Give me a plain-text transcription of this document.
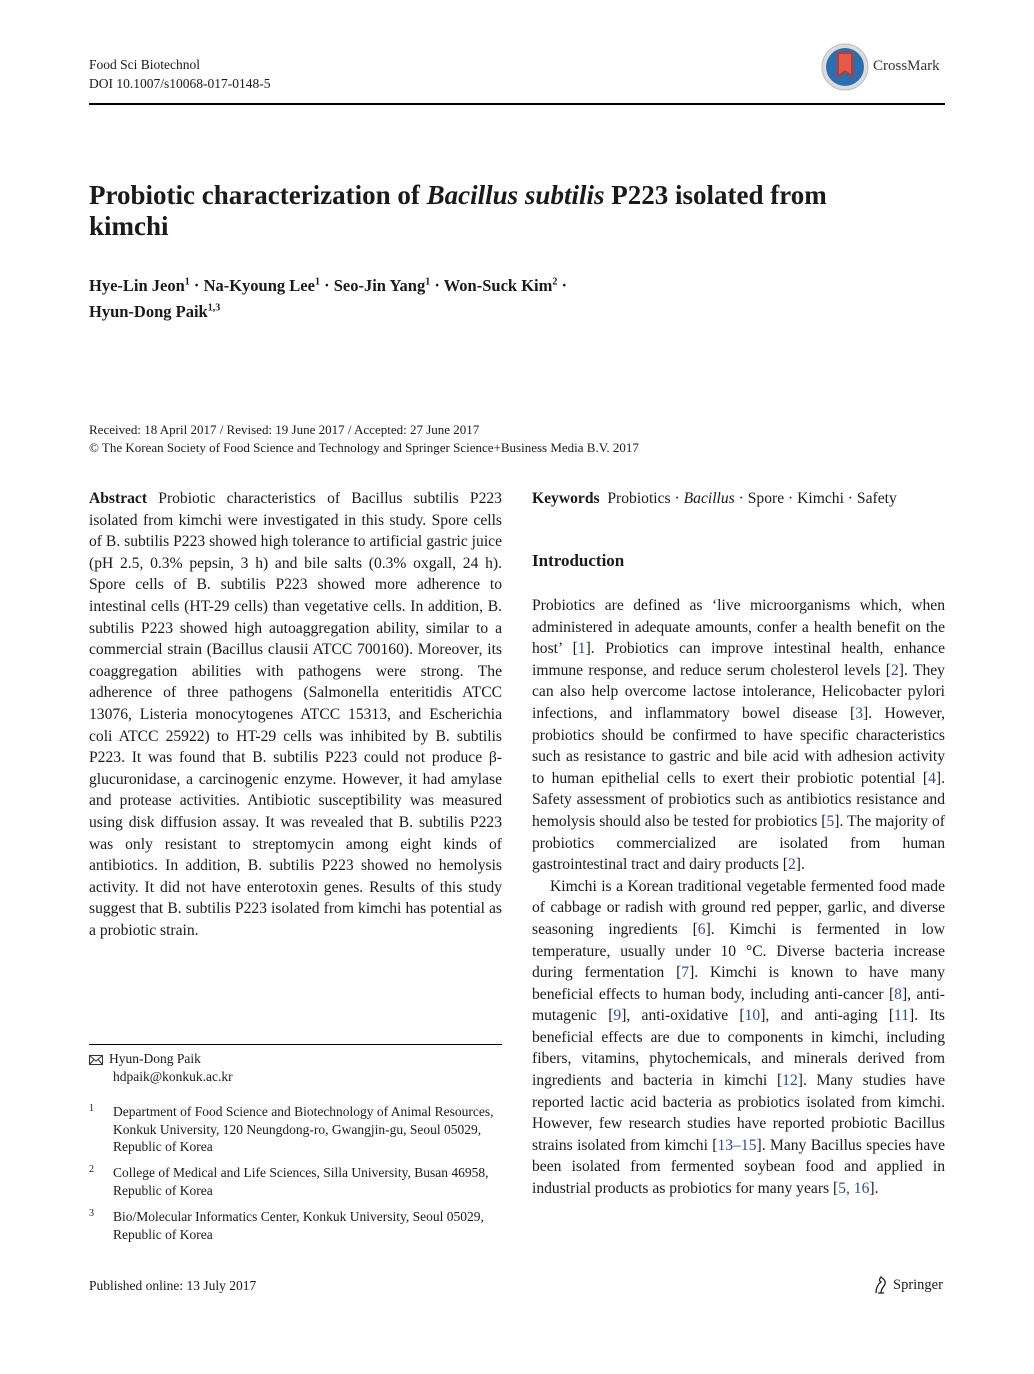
Food Sci Biotechnol
DOI 10.1007/s10068-017-0148-5
CrossMark
Probiotic characterization of Bacillus subtilis P223 isolated from kimchi
Hye-Lin Jeon$^1$ · Na-Kyoung Lee$^1$ · Seo-Jin Yang$^1$ · Won-Suck Kim$^2$ ·
Hyun-Dong Paik$^{1,3}$
Received: 18 April 2017 / Revised: 19 June 2017 / Accepted: 27 June 2017
© The Korean Society of Food Science and Technology and Springer Science+Business Media B.V. 2017

Abstract Probiotic characteristics of Bacillus subtilis P223 isolated from kimchi were investigated in this study. Spore cells of B. subtilis P223 showed high tolerance to artificial gastric juice (pH 2.5, 0.3% pepsin, 3 h) and bile salts (0.3% oxgall, 24 h). Spore cells of B. subtilis P223 showed more adherence to intestinal cells (HT-29 cells) than vegetative cells. In addition, B. subtilis P223 showed high autoaggregation ability, similar to a commercial strain (Bacillus clausii ATCC 700160). Moreover, its coaggregation abilities with pathogens were strong. The adherence of three pathogens (Salmonella enteritidis ATCC 13076, Listeria monocytogenes ATCC 15313, and Escherichia coli ATCC 25922) to HT-29 cells was inhibited by B. subtilis P223. It was found that B. subtilis P223 could not produce β-glucuronidase, a carcinogenic enzyme. However, it had amylase and protease activities. Antibiotic susceptibility was measured using disk diffusion assay. It was revealed that B. subtilis P223 was only resistant to streptomycin among eight kinds of antibiotics. In addition, B. subtilis P223 showed no hemolysis activity. It did not have enterotoxin genes. Results of this study suggest that B. subtilis P223 isolated from kimchi has potential as a probiotic strain.

Keywords Probiotics · Bacillus · Spore · Kimchi · Safety
Introduction

Probiotics are defined as ‘live microorganisms which, when administered in adequate amounts, confer a health benefit on the host’ [1]. Probiotics can improve intestinal health, enhance immune response, and reduce serum cholesterol levels [2]. They can also help overcome lactose intolerance, Helicobacter pylori infections, and inflammatory bowel disease [3]. However, probiotics should be confirmed to have specific characteristics such as resistance to gastric and bile acid with adhesion activity to human epithelial cells to exert their probiotic potential [4]. Safety assessment of probiotics such as antibiotics resistance and hemolysis should also be tested for probiotics [5]. The majority of probiotics commercialized are isolated from human gastrointestinal tract and dairy products [2].

Kimchi is a Korean traditional vegetable fermented food made of cabbage or radish with ground red pepper, garlic, and diverse seasoning ingredients [6]. Kimchi is fermented in low temperature, usually under 10 °C. Diverse bacteria increase during fermentation [7]. Kimchi is known to have many beneficial effects to human body, including anti-cancer [8], anti-mutagenic [9], anti-oxidative [10], and anti-aging [11]. Its beneficial effects are due to components in kimchi, including fibers, vitamins, phytochemicals, and minerals derived from ingredients and bacteria in kimchi [12]. Many studies have reported lactic acid bacteria as probiotics isolated from kimchi. However, few research studies have reported probiotic Bacillus strains isolated from kimchi [13–15]. Many Bacillus species have been isolated from fermented soybean food and applied in industrial products as probiotics for many years [5, 16].

Hyun-Dong Paik
hdpaik@konkuk.ac.kr
1 Department of Food Science and Biotechnology of Animal Resources, Konkuk University, 120 Neungdong-ro, Gwangjin-gu, Seoul 05029, Republic of Korea
2 College of Medical and Life Sciences, Silla University, Busan 46958, Republic of Korea
3 Bio/Molecular Informatics Center, Konkuk University, Seoul 05029, Republic of Korea
Published online: 13 July 2017	Springer
